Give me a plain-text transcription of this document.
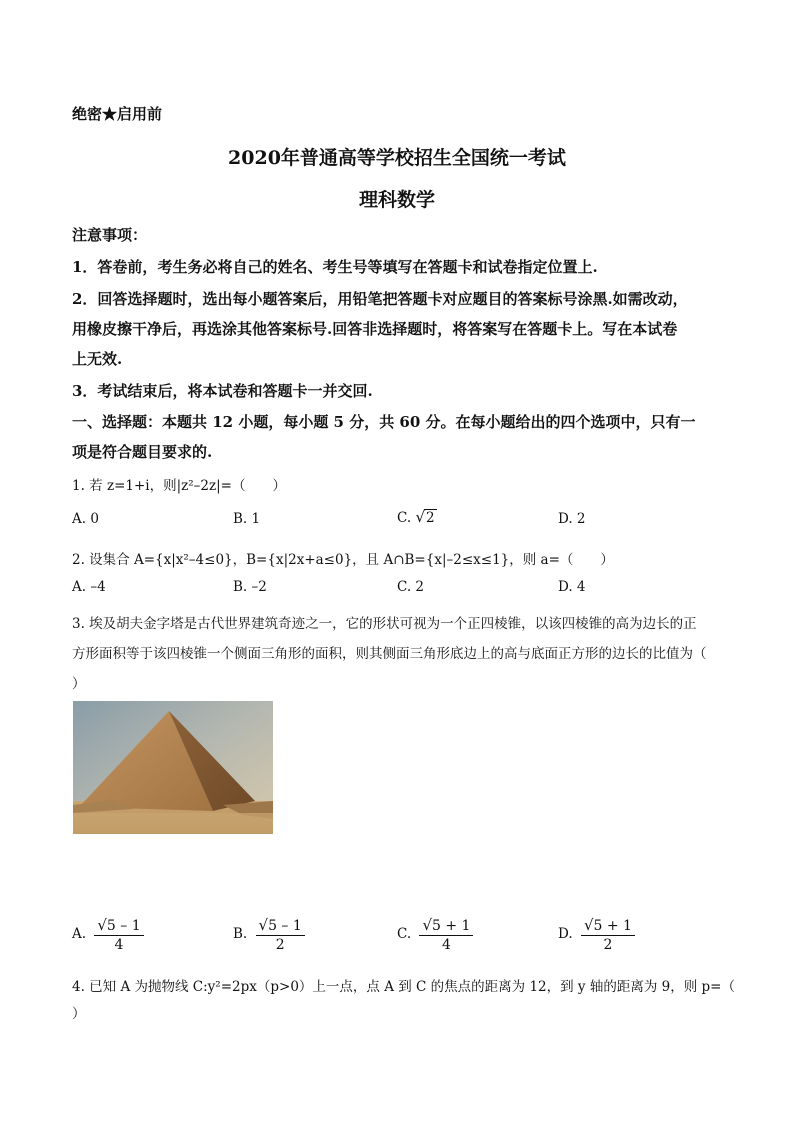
绝密★启用前
2020年普通高等学校招生全国统一考试
理科数学
注意事项：
1．答卷前，考生务必将自己的姓名、考生号等填写在答题卡和试卷指定位置上.
2．回答选择题时，选出每小题答案后，用铅笔把答题卡对应题目的答案标号涂黑.如需改动，
用橡皮擦干净后，再选涂其他答案标号.回答非选择题时，将答案写在答题卡上。写在本试卷
上无效.
3．考试结束后，将本试卷和答题卡一并交回.
一、选择题：本题共 12 小题，每小题 5 分，共 60 分。在每小题给出的四个选项中，只有一
项是符合题目要求的.
1. 若 z=1+i，则|z²–2z|=（　　）
A. 0	B. 1	C. √2	D. 2
2. 设集合 A={x|x²–4≤0}，B={x|2x+a≤0}，且 A∩B={x|–2≤x≤1}，则 a=（　　）
A. –4	B. –2	C. 2	D. 4
3. 埃及胡夫金字塔是古代世界建筑奇迹之一，它的形状可视为一个正四棱锥，以该四棱锥的高为边长的正
方形面积等于该四棱锥一个侧面三角形的面积，则其侧面三角形底边上的高与底面正方形的边长的比值为（
）
A. $\frac{√5 - 1}{4}$	B. $\frac{√5 - 1}{2}$	C. $\frac{√5 + 1}{4}$	D. $\frac{√5 + 1}{2}$
4. 已知 A 为抛物线 C:y²=2px（p>0）上一点，点 A 到 C 的焦点的距离为 12，到 y 轴的距离为 9，则 p=（
）
